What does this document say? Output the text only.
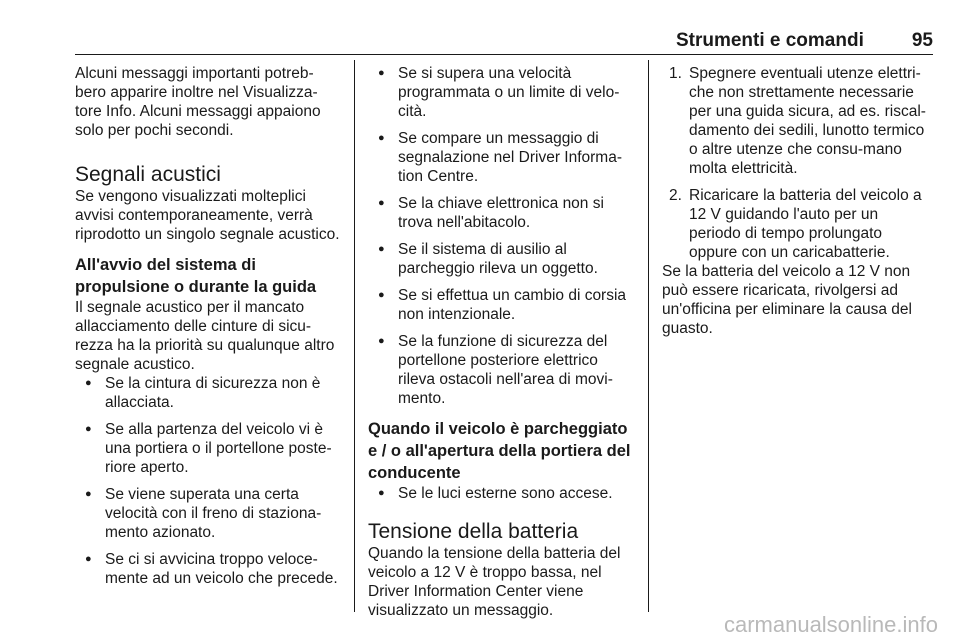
Strumenti e comandi	95

Alcuni messaggi importanti potreb-bero apparire inoltre nel Visualizza-tore Info. Alcuni messaggi appaiono solo per pochi secondi.

Segnali acustici

Se vengono visualizzati molteplici avvisi contemporaneamente, verrà riprodotto un singolo segnale acustico.

All'avvio del sistema di propulsione o durante la guida

Il segnale acustico per il mancato allacciamento delle cinture di sicu-rezza ha la priorità su qualunque altro segnale acustico.

● Se la cintura di sicurezza non è allacciata.
● Se alla partenza del veicolo vi è una portiera o il portellone poste-riore aperto.
● Se viene superata una certa velocità con il freno di staziona-mento azionato.
● Se ci si avvicina troppo veloce-mente ad un veicolo che precede.
● Se si supera una velocità programmata o un limite di velo-cità.
● Se compare un messaggio di segnalazione nel Driver Informa-tion Centre.
● Se la chiave elettronica non si trova nell'abitacolo.
● Se il sistema di ausilio al parcheggio rileva un oggetto.
● Se si effettua un cambio di corsia non intenzionale.
● Se la funzione di sicurezza del portellone posteriore elettrico rileva ostacoli nell'area di movi-mento.
Quando il veicolo è parcheggiato e / o all'apertura della portiera del conducente
● Se le luci esterne sono accese.
Tensione della batteria

Quando la tensione della batteria del veicolo a 12 V è troppo bassa, nel Driver Information Center viene visualizzato un messaggio.

1. Spegnere eventuali utenze elettri-che non strettamente necessarie per una guida sicura, ad es. riscal-damento dei sedili, lunotto termico o altre utenze che consu-mano molta elettricità.
2. Ricaricare la batteria del veicolo a 12 V guidando l'auto per un periodo di tempo prolungato oppure con un caricabatterie.

Se la batteria del veicolo a 12 V non può essere ricaricata, rivolgersi ad un'officina per eliminare la causa del guasto.

carmanualsonline.info
